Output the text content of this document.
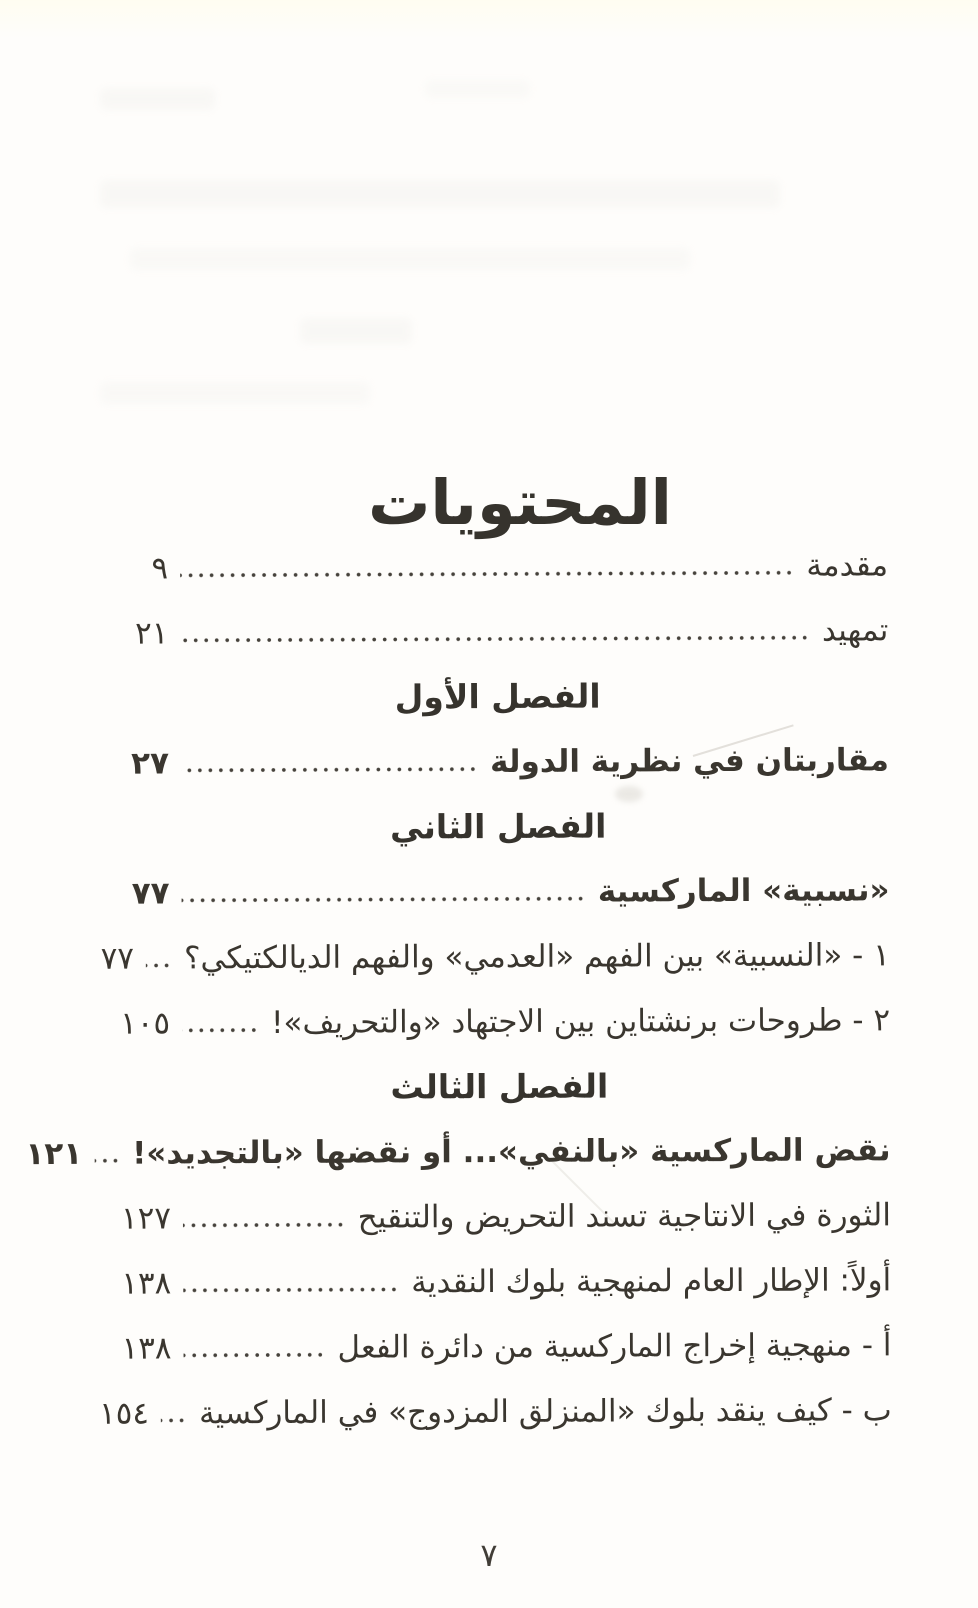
المحتويات
مقدمة
٩
تمهيد
٢١
الفصل الأول
مقاربتان في نظرية الدولة
٢٧
الفصل الثاني
«نسبية» الماركسية
٧٧
١ - «النسبية» بين الفهم «العدمي» والفهم الديالكتيكي؟
٧٧
٢ - طروحات برنشتاين بين الاجتهاد «والتحريف»!
١٠٥
الفصل الثالث
نقض الماركسية «بالنفي»... أو نقضها «بالتجديد»!
١٢١
الثورة في الانتاجية تسند التحريض والتنقيح
١٢٧
أولاً: الإطار العام لمنهجية بلوك النقدية
١٣٨
أ - منهجية إخراج الماركسية من دائرة الفعل
١٣٨
ب - كيف ينقد بلوك «المنزلق المزدوج» في الماركسية
١٥٤
٧
